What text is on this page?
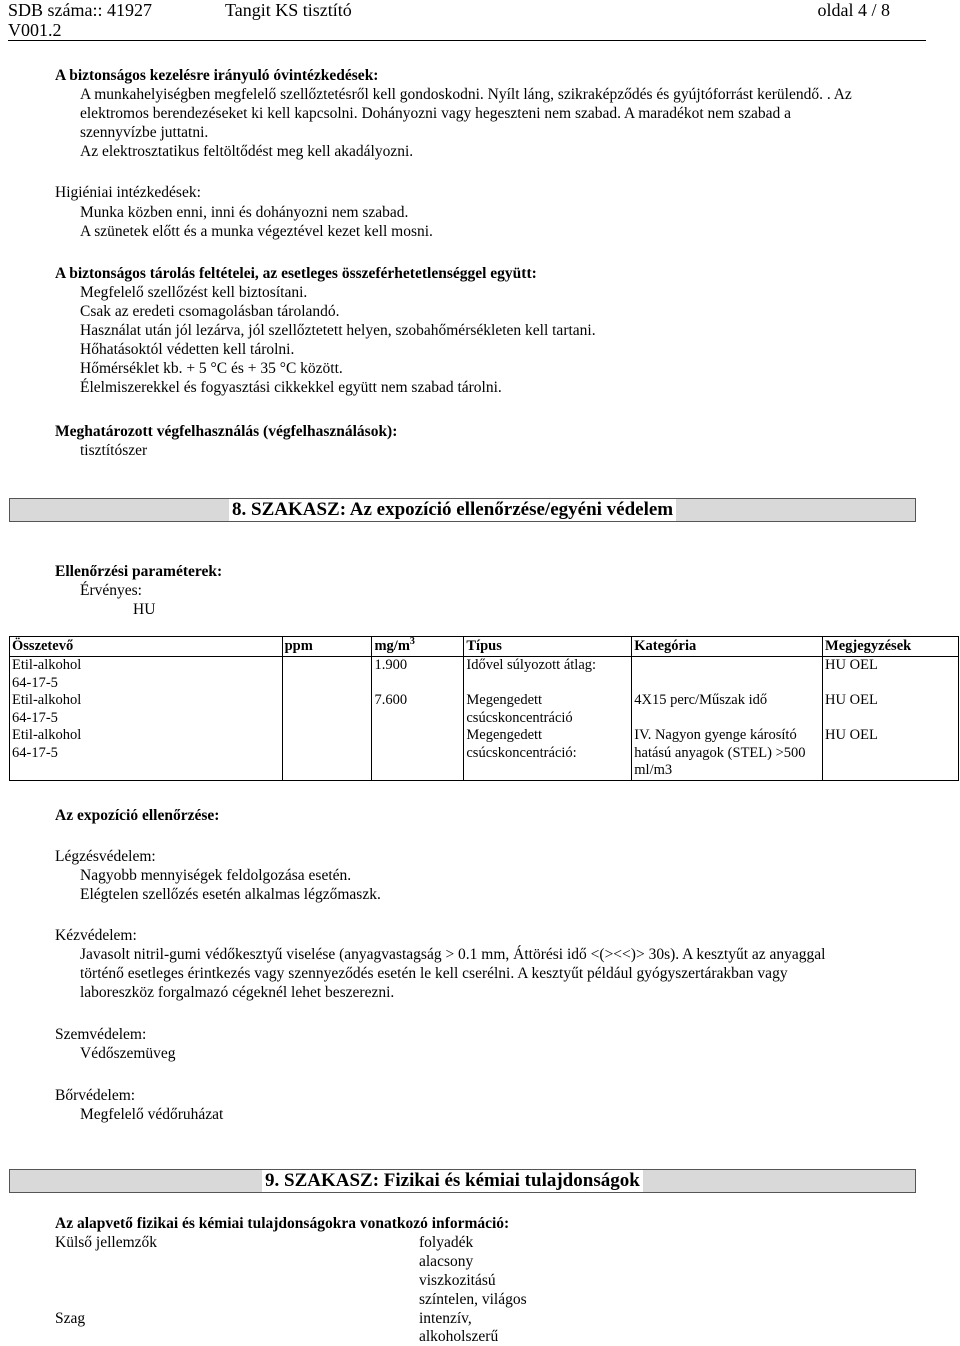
SDB száma:: 41927	Tangit KS tisztító	oldal 4 / 8
V001.2
A biztonságos kezelésre irányuló óvintézkedések:
A munkahelyiségben megfelelő szellőztetésről kell gondoskodni. Nyílt láng, szikraképződés és gyújtóforrást kerülendő. . Az
elektromos berendezéseket ki kell kapcsolni. Dohányozni vagy hegeszteni nem szabad. A maradékot nem szabad a
szennyvízbe juttatni.
Az elektrosztatikus feltöltődést meg kell akadályozni.
Higiéniai intézkedések:
Munka közben enni, inni és dohányozni nem szabad.
A szünetek előtt és a munka végeztével kezet kell mosni.
A biztonságos tárolás feltételei, az esetleges összeférhetetlenséggel együtt:
Megfelelő szellőzést kell biztosítani.
Csak az eredeti csomagolásban tárolandó.
Használat után jól lezárva, jól szellőztetett helyen, szobahőmérsékleten kell tartani.
Hőhatásoktól védetten kell tárolni.
Hőmérséklet kb. + 5 °C és + 35 °C között.
Élelmiszerekkel és fogyasztási cikkekkel együtt nem szabad tárolni.
Meghatározott végfelhasználás (végfelhasználások):
tisztítószer
8. SZAKASZ: Az expozíció ellenőrzése/egyéni védelem
Ellenőrzési paraméterek:
Érvényes:
HU
Összetevő	ppm	$mg/m^3$	Típus	Kategória	Megjegyzések

Etil-alkohol
64-17-5		1.900	Idővel súlyozott átlag:		HU OEL

Etil-alkohol
64-17-5		7.600	Megengedett csúcskoncentráció	4X15 perc/Műszak idő	HU OEL

Etil-alkohol
64-17-5			Megengedett csúcskoncentráció:	IV. Nagyon gyenge károsító hatású anyagok (STEL) >500 ml/m3	HU OEL
Az expozíció ellenőrzése:
Légzésvédelem:
Nagyobb mennyiségek feldolgozása esetén.
Elégtelen szellőzés esetén alkalmas légzőmaszk.
Kézvédelem:
Javasolt nitril-gumi védőkesztyű viselése (anyagvastagság > 0.1 mm, Áttörési idő <(><<)> 30s). A kesztyűt az anyaggal
történő esetleges érintkezés vagy szennyeződés esetén le kell cserélni. A kesztyűt például gyógyszertárakban vagy
laboreszköz forgalmazó cégeknél lehet beszerezni.
Szemvédelem:
Védőszemüveg
Bőrvédelem:
Megfelelő védőruházat
9. SZAKASZ: Fizikai és kémiai tulajdonságok
Az alapvető fizikai és kémiai tulajdonságokra vonatkozó információ:
Külső jellemzők	folyadék
alacsony
viszkozitású
színtelen, világos
Szag	intenzív,
alkoholszerű
